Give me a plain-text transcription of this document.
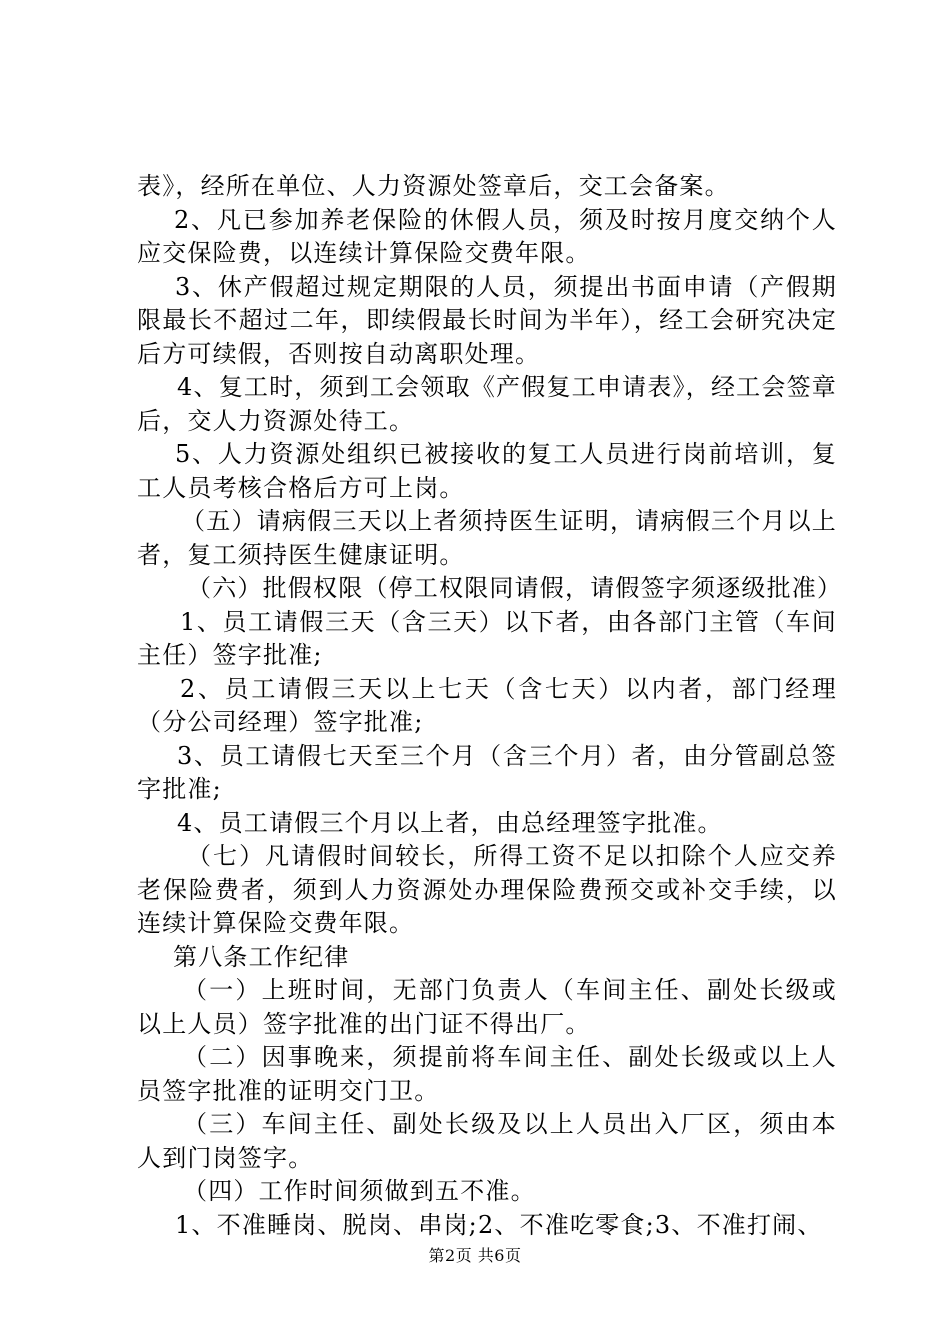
表》，经所在单位、人力资源处签章后，交工会备案。

2、凡已参加养老保险的休假人员，须及时按月度交纳个人应交保险费，以连续计算保险交费年限。

3、休产假超过规定期限的人员，须提出书面申请（产假期限最长不超过二年，即续假最长时间为半年），经工会研究决定后方可续假，否则按自动离职处理。

4、复工时，须到工会领取《产假复工申请表》，经工会签章后，交人力资源处待工。

5、人力资源处组织已被接收的复工人员进行岗前培训，复工人员考核合格后方可上岗。

（五）请病假三天以上者须持医生证明，请病假三个月以上者，复工须持医生健康证明。

（六）批假权限（停工权限同请假，请假签字须逐级批准）

1、员工请假三天（含三天）以下者，由各部门主管（车间主任）签字批准;

2、员工请假三天以上七天（含七天）以内者，部门经理（分公司经理）签字批准;

3、员工请假七天至三个月（含三个月）者，由分管副总签字批准;

4、员工请假三个月以上者，由总经理签字批准。

（七）凡请假时间较长，所得工资不足以扣除个人应交养老保险费者，须到人力资源处办理保险费预交或补交手续，以连续计算保险交费年限。

第八条工作纪律

（一）上班时间，无部门负责人（车间主任、副处长级或以上人员）签字批准的出门证不得出厂。

（二）因事晚来，须提前将车间主任、副处长级或以上人员签字批准的证明交门卫。

（三）车间主任、副处长级及以上人员出入厂区，须由本人到门岗签字。

（四）工作时间须做到五不准。

1、不准睡岗、脱岗、串岗;2、不准吃零食;3、不准打闹、

第2页 共6页
